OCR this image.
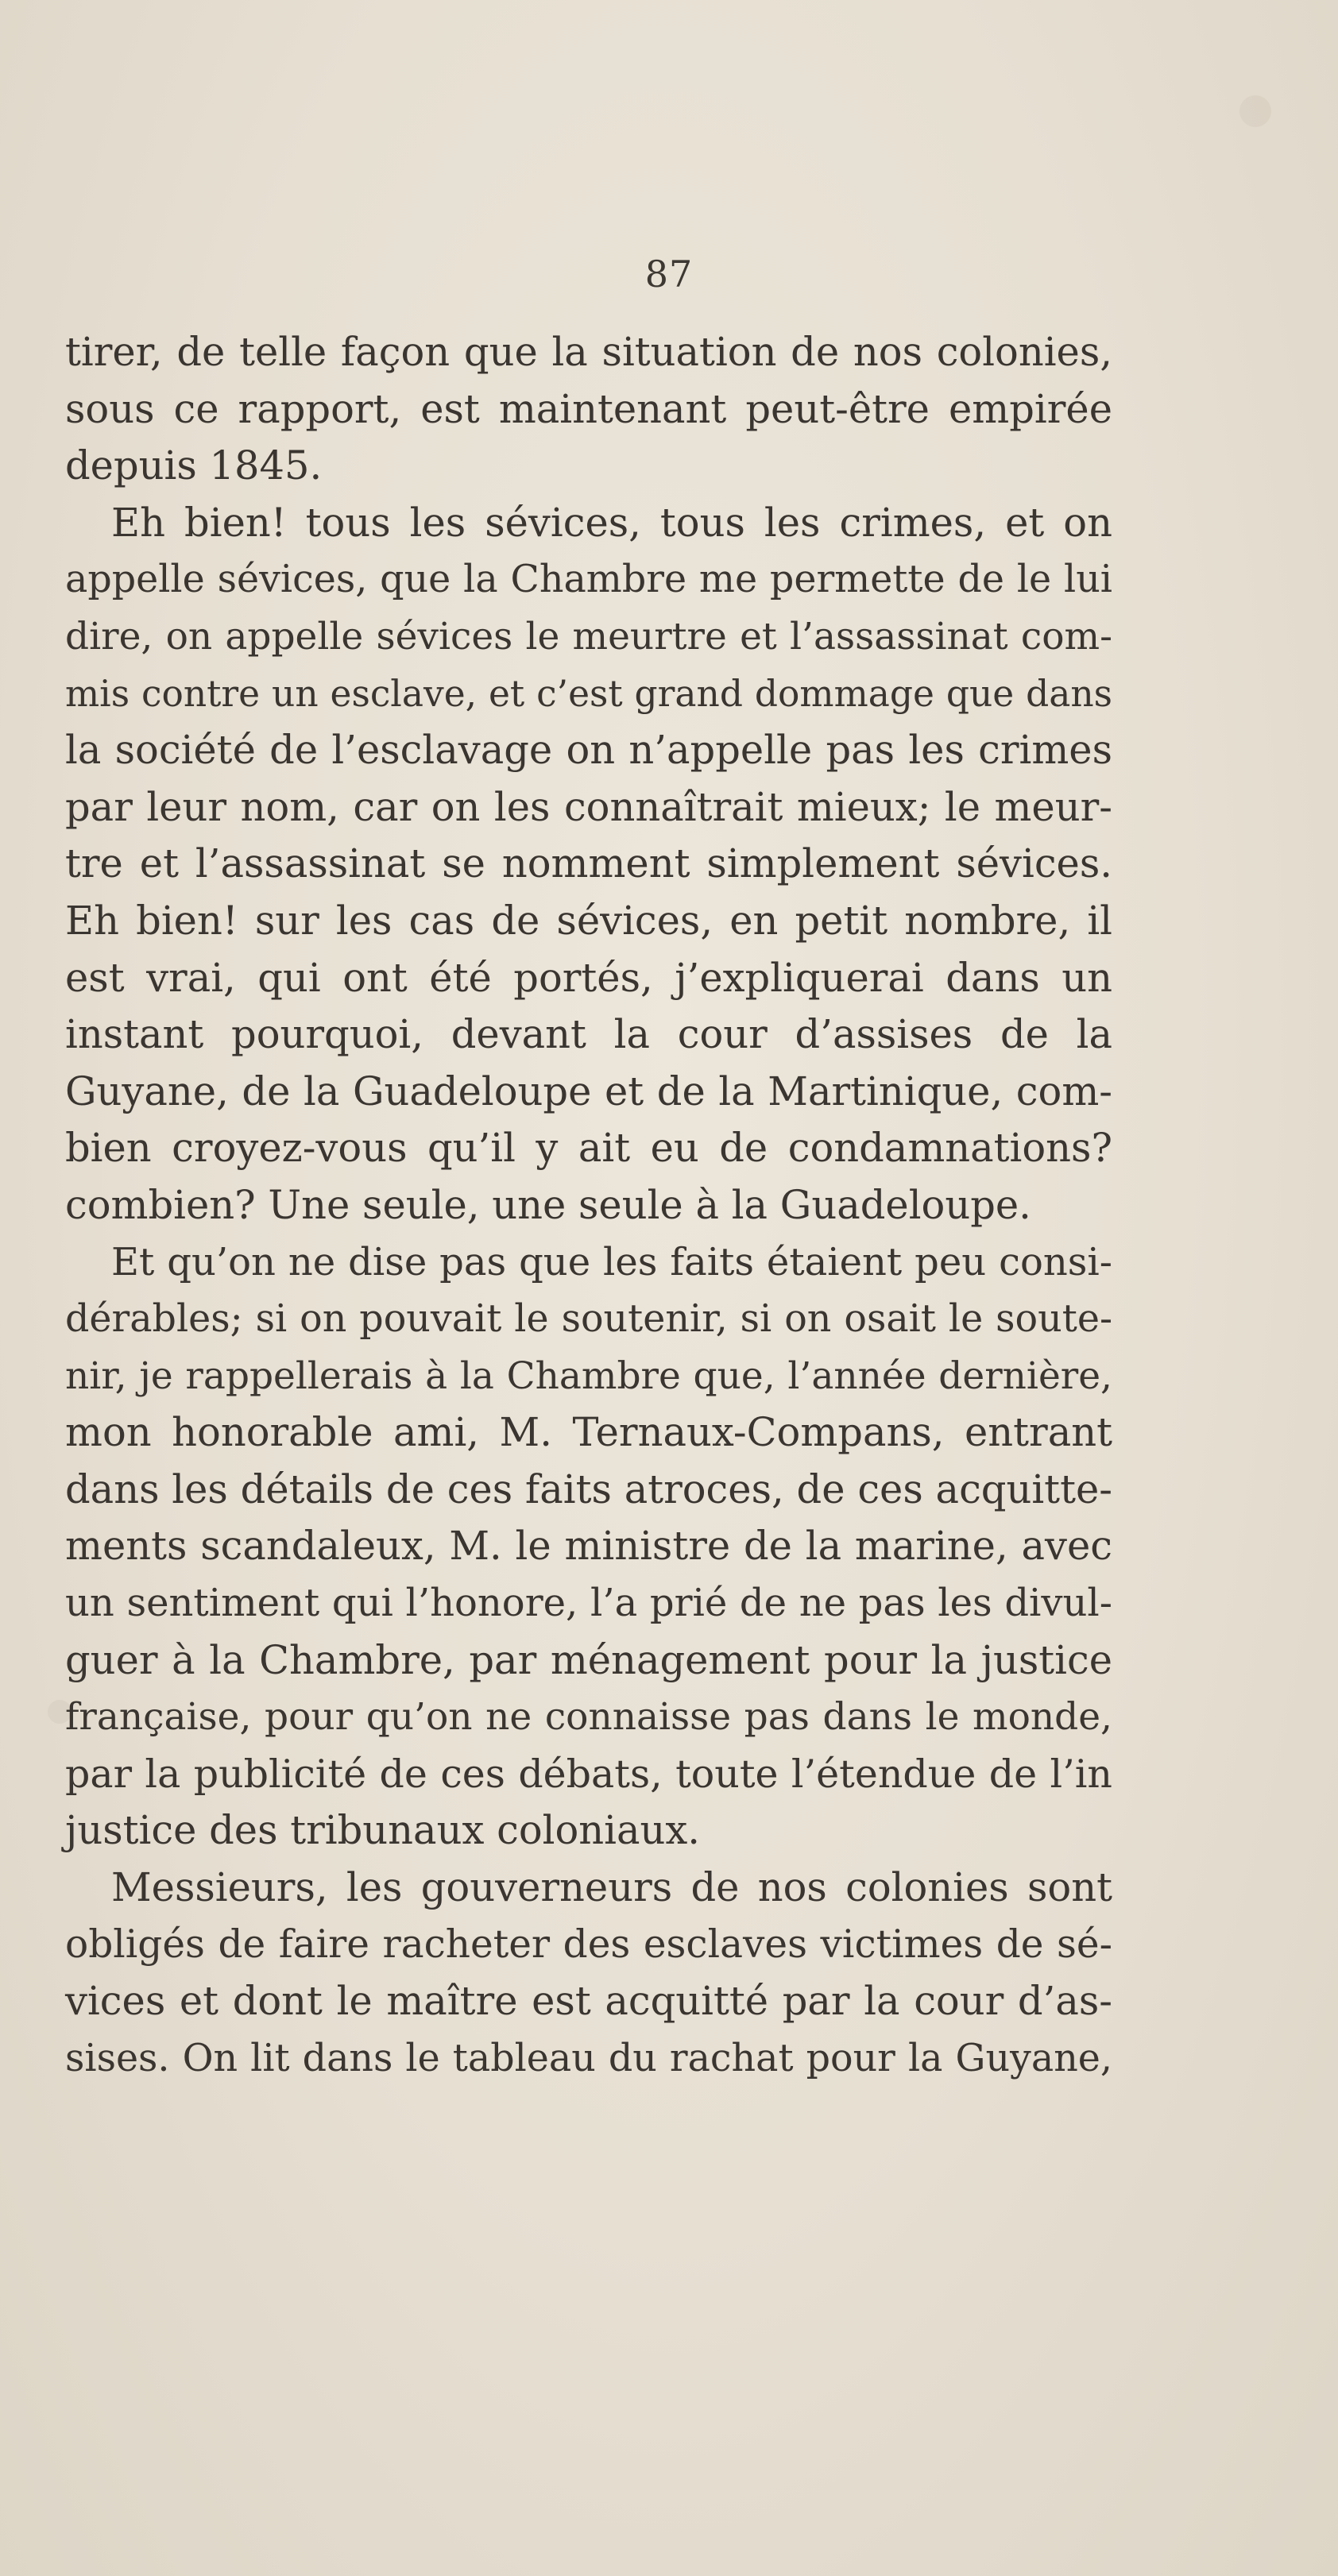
87
tirer, de telle façon que la situation de nos colonies,
sous ce rapport, est maintenant peut-être empirée
depuis 1845.
Eh bien! tous les sévices, tous les crimes, et on
appelle sévices, que la Chambre me permette de le lui
dire, on appelle sévices le meurtre et l’assassinat com-
mis contre un esclave, et c’est grand dommage que dans
la société de l’esclavage on n’appelle pas les crimes
par leur nom, car on les connaîtrait mieux; le meur-
tre et l’assassinat se nomment simplement sévices.
Eh bien! sur les cas de sévices, en petit nombre, il
est vrai, qui ont été portés, j’expliquerai dans un
instant pourquoi, devant la cour d’assises de la
Guyane, de la Guadeloupe et de la Martinique, com-
bien croyez-vous qu’il y ait eu de condamnations?
combien? Une seule, une seule à la Guadeloupe.
Et qu’on ne dise pas que les faits étaient peu consi-
dérables; si on pouvait le soutenir, si on osait le soute-
nir, je rappellerais à la Chambre que, l’année dernière,
mon honorable ami, M. Ternaux-Compans, entrant
dans les détails de ces faits atroces, de ces acquitte-
ments scandaleux, M. le ministre de la marine, avec
un sentiment qui l’honore, l’a prié de ne pas les divul-
guer à la Chambre, par ménagement pour la justice
française, pour qu’on ne connaisse pas dans le monde,
par la publicité de ces débats, toute l’étendue de l’in
justice des tribunaux coloniaux.
Messieurs, les gouverneurs de nos colonies sont
obligés de faire racheter des esclaves victimes de sé-
vices et dont le maître est acquitté par la cour d’as-
sises. On lit dans le tableau du rachat pour la Guyane,
